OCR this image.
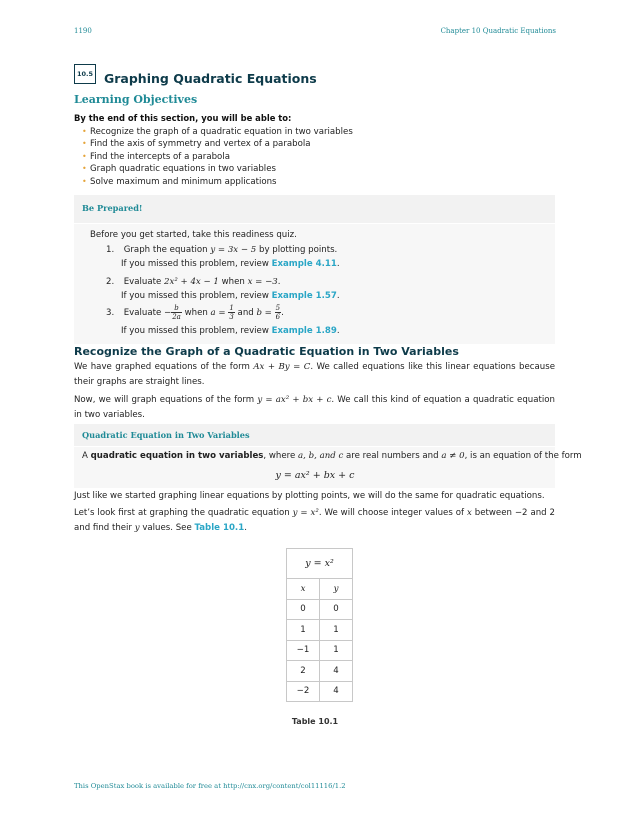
1190	Chapter 10 Quadratic Equations
10.5 Graphing Quadratic Equations
Learning Objectives
By the end of this section, you will be able to:
• Recognize the graph of a quadratic equation in two variables
• Find the axis of symmetry and vertex of a parabola
• Find the intercepts of a parabola
• Graph quadratic equations in two variables
• Solve maximum and minimum applications
Be Prepared!
Before you get started, take this readiness quiz.
1. Graph the equation y = 3x − 5 by plotting points.
If you missed this problem, review Example 4.11.
2. Evaluate 2x² + 4x − 1 when x = −3.
If you missed this problem, review Example 1.57.
3. Evaluate − $\frac{b}{2a}$ when $a = \frac{1}{3}$ and $b = \frac{5}{6}$ .
If you missed this problem, review Example 1.89.
Recognize the Graph of a Quadratic Equation in Two Variables
We have graphed equations of the form Ax + By = C. We called equations like this linear equations because their graphs are straight lines.
Now, we will graph equations of the form y = ax² + bx + c. We call this kind of equation a quadratic equation in two variables.
Quadratic Equation in Two Variables
A quadratic equation in two variables, where a, b, and c are real numbers and a ≠ 0, is an equation of the form
y = ax² + bx + c
Just like we started graphing linear equations by plotting points, we will do the same for quadratic equations.
Let’s look first at graphing the quadratic equation y = x². We will choose integer values of x between −2 and 2 and find their y values. See Table 10.1.
y = x²	
x	y
0	0
1	1
−1	1
2	4
−2	4
Table 10.1
This OpenStax book is available for free at http://cnx.org/content/col11116/1.2
